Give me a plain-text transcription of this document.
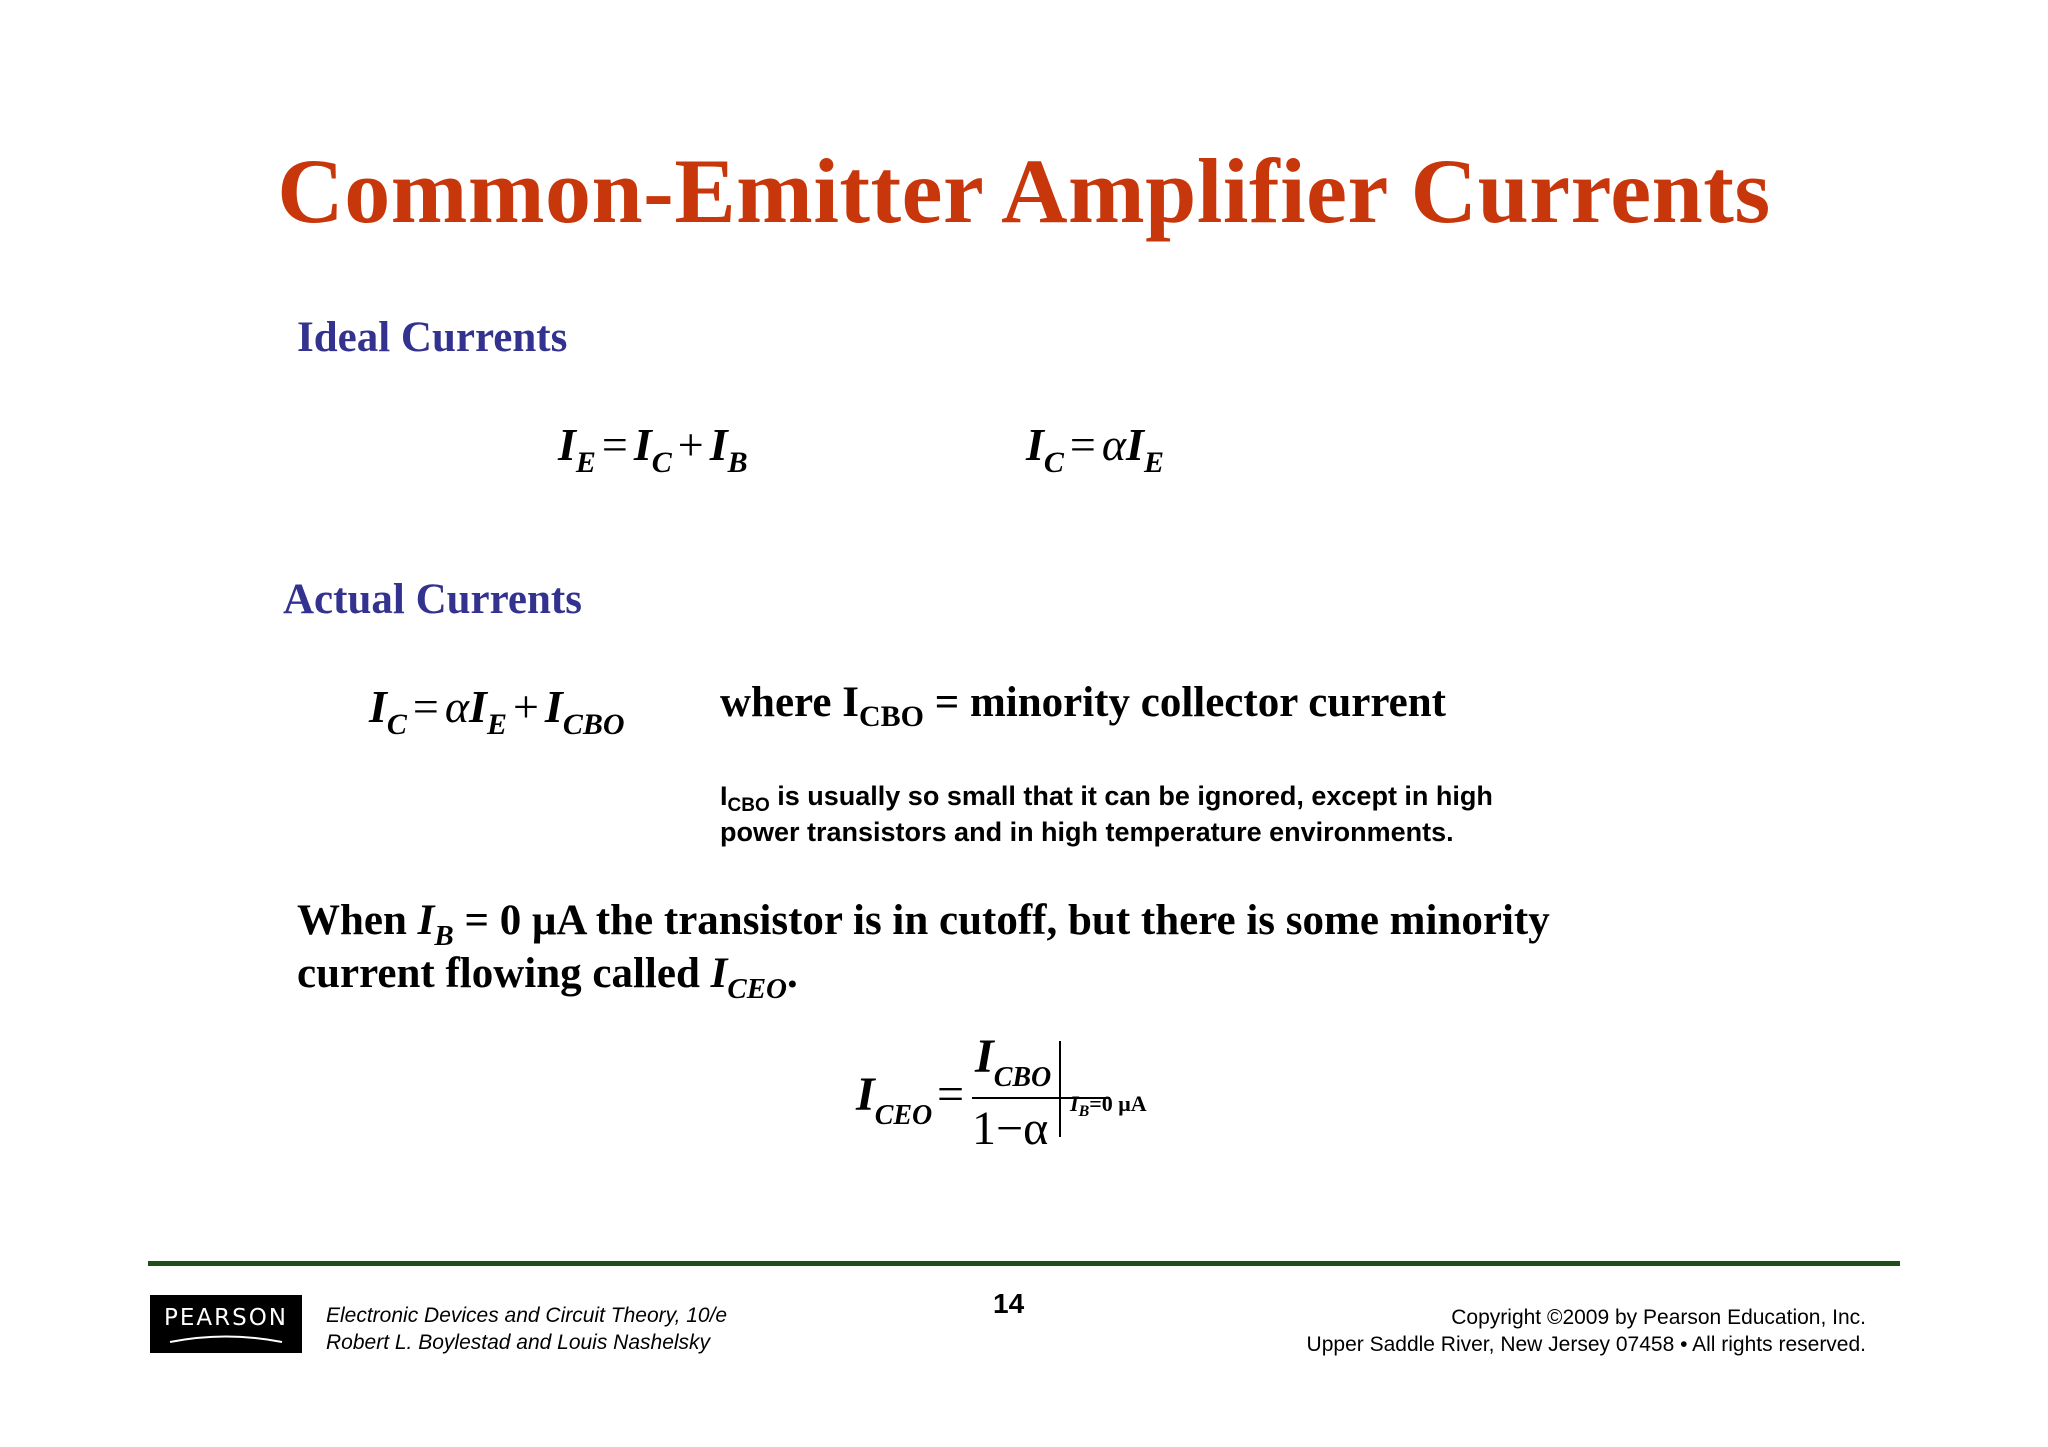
Common-Emitter Amplifier Currents
Ideal Currents
$I_E = I_C + I_B$	$I_C = \alpha I_E$
Actual Currents
$I_C = \alpha I_E + I_{CBO}$ where $I_{CBO}$ = minority collector current
$I_{CBO}$ is usually so small that it can be ignored, except in high
power transistors and in high temperature environments.
When $I_B = 0$ μA the transistor is in cutoff, but there is some minority
current flowing called $I_{CEO}$.
$I_{CEO}$ =
$I_{CBO}$
1−α $I_B=0$ μA
PEARSON	Electronic Devices and Circuit Theory, 10/e
Robert L. Boylestad and Louis Nashelsky
14	Copyright ©2009 by Pearson Education, Inc.
Upper Saddle River, New Jersey 07458 • All rights reserved.
